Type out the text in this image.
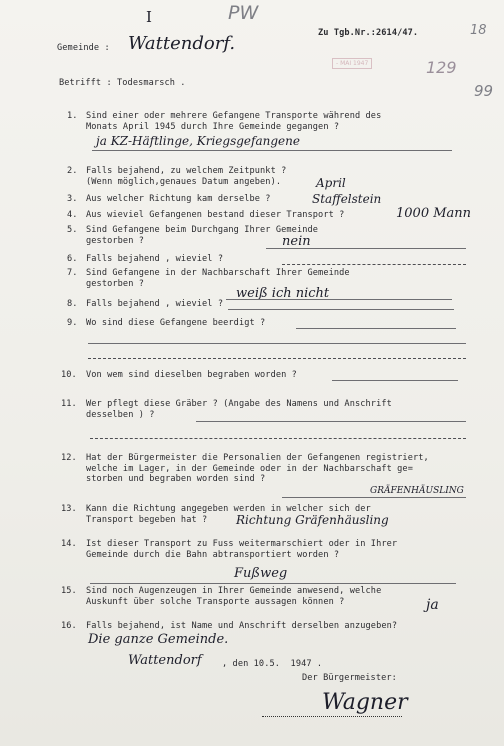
I	PW
Zu Tgb.Nr.:2614/47.	18
- MAI 1947	129
99
Gemeinde : Wattendorf.
Betrifft : Todesmarsch .
1. Sind einer oder mehrere Gefangene Transporte während des
Monats April 1945 durch Ihre Gemeinde gegangen ?
ja KZ-Häftlinge, Kriegsgefangene
2. Falls bejahend, zu welchem Zeitpunkt ?
(Wenn möglich,genaues Datum angeben).	April
3. Aus welcher Richtung kam derselbe ?	Staffelstein
4. Aus wieviel Gefangenen bestand dieser Transport ?	1000 Mann
5. Sind Gefangene beim Durchgang Ihrer Gemeinde
gestorben ?	nein
6. Falls bejahend , wieviel ?
7. Sind Gefangene in der Nachbarschaft Ihrer Gemeinde
gestorben ?
weiß ich nicht
8. Falls bejahend , wieviel ?
9. Wo sind diese Gefangene beerdigt ?
10. Von wem sind dieselben begraben worden ?
11. Wer pflegt diese Gräber ? (Angabe des Namens und Anschrift
desselben ) ?
12. Hat der Bürgermeister die Personalien der Gefangenen registriert,
welche im Lager, in der Gemeinde oder in der Nachbarschaft ge=
storben und begraben worden sind ?
GRÄFENHÄUSLING
13. Kann die Richtung angegeben werden in welcher sich der
Transport begeben hat ? Richtung Gräfenhäusling
14. Ist dieser Transport zu Fuss weitermarschiert oder in Ihrer
Gemeinde durch die Bahn abtransportiert worden ?
Fußweg
15. Sind noch Augenzeugen in Ihrer Gemeinde anwesend, welche
Auskunft über solche Transporte aussagen können ?	ja
16. Falls bejahend, ist Name und Anschrift derselben anzugeben?
Die ganze Gemeinde.
Wattendorf , den 10.5.  1947 .
Der Bürgermeister:
Wagner
